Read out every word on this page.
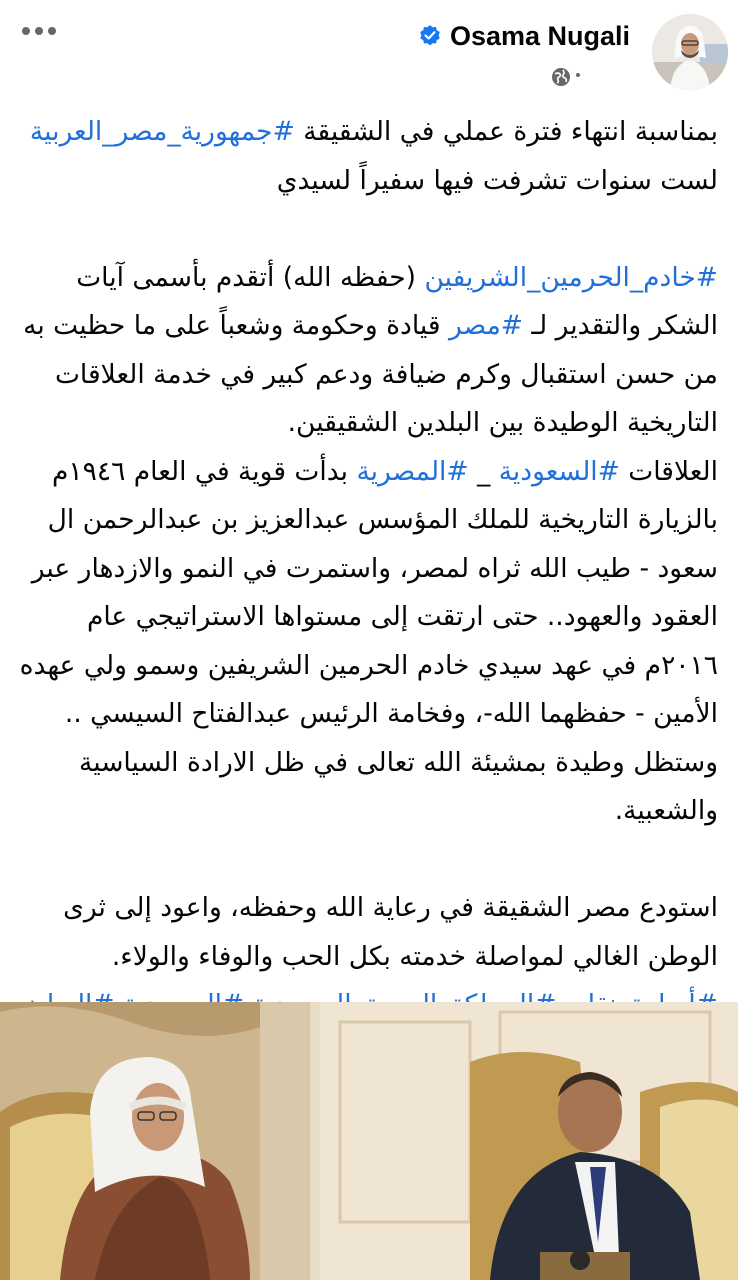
Osama Nugali
بمناسبة انتهاء فترة عملي في الشقيقة #جمهورية_مصر_العربية
لست سنوات تشرفت فيها سفيراً لسيدي
#خادم_الحرمين_الشريفين (حفظه الله) أتقدم بأسمى آيات
الشكر والتقدير لـ #مصر قيادة وحكومة وشعباً على ما حظيت به
من حسن استقبال وكرم ضيافة ودعم كبير في خدمة العلاقات
التاريخية الوطيدة بين البلدين الشقيقين.
العلاقات #السعودية _ #المصرية بدأت قوية في العام ١٩٤٦م
بالزيارة التاريخية للملك المؤسس عبدالعزيز بن عبدالرحمن ال
سعود - طيب الله ثراه لمصر، واستمرت في النمو والازدهار عبر
العقود والعهود.. حتى ارتقت إلى مستواها الاستراتيجي عام
٢٠١٦م في عهد سيدي خادم الحرمين الشريفين وسمو ولي عهده
الأمين - حفظهما الله-، وفخامة الرئيس عبدالفتاح السيسي ..
وستظل وطيدة بمشيئة الله تعالى في ظل الارادة السياسية
والشعبية.
استودع مصر الشقيقة في رعاية الله وحفظه، واعود إلى ثرى
الوطن الغالي لمواصلة خدمته بكل الحب والوفاء والولاء.
